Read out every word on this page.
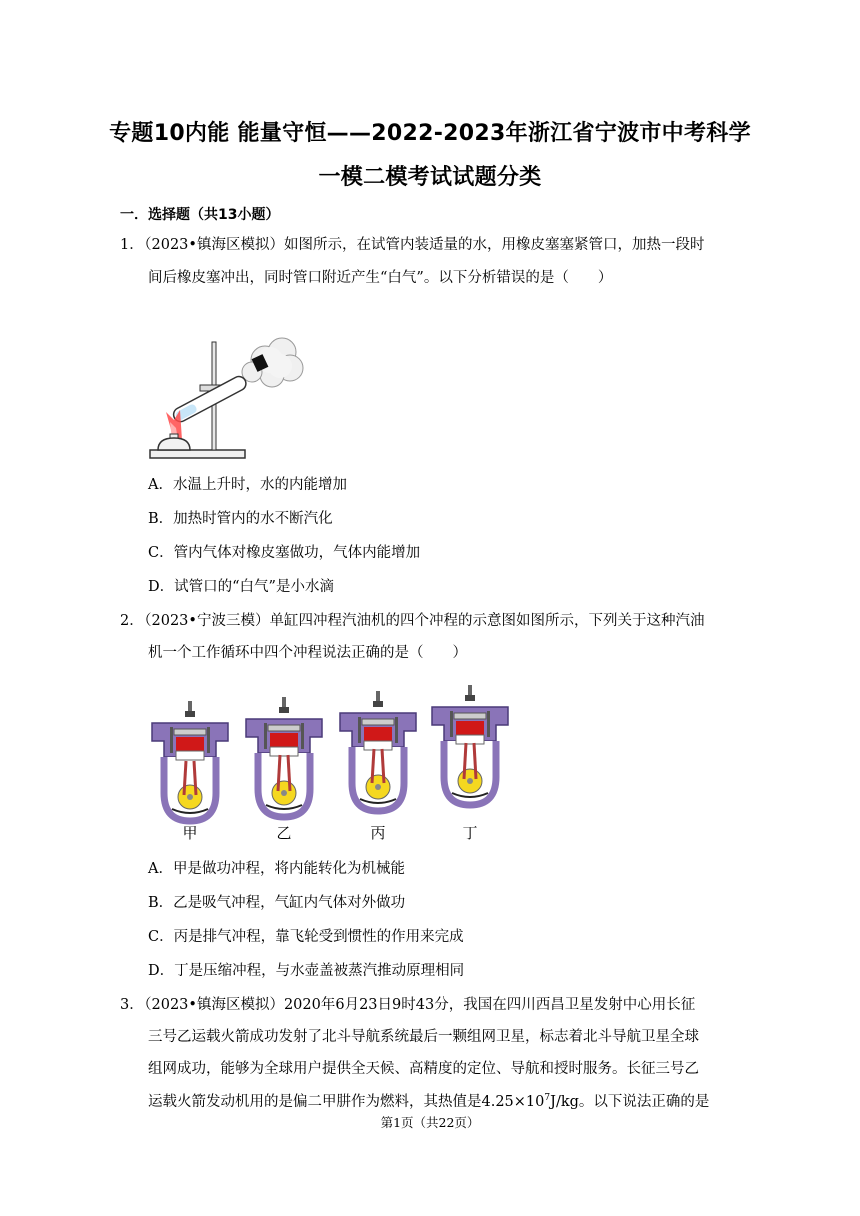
专题10内能 能量守恒——2022-2023年浙江省宁波市中考科学
一模二模考试试题分类
一．选择题（共13小题）
1．
（2023•镇海区模拟）如图所示，在试管内装适量的水，用橡皮塞塞紧管口，加热一段时
间后橡皮塞冲出，同时管口附近产生“白气”。以下分析错误的是（　　）
A．水温上升时，水的内能增加
B．加热时管内的水不断汽化
C．管内气体对橡皮塞做功，气体内能增加
D．试管口的“白气”是小水滴
2．
（2023•宁波三模）单缸四冲程汽油机的四个冲程的示意图如图所示，下列关于这种汽油
机一个工作循环中四个冲程说法正确的是（　　）
甲	乙	丙	丁
A．甲是做功冲程，将内能转化为机械能
B．乙是吸气冲程，气缸内气体对外做功
C．丙是排气冲程，靠飞轮受到惯性的作用来完成
D．丁是压缩冲程，与水壶盖被蒸汽推动原理相同
3．
（2023•镇海区模拟）2020年6月23日9时43分，我国在四川西昌卫星发射中心用长征
三号乙运载火箭成功发射了北斗导航系统最后一颗组网卫星，标志着北斗导航卫星全球
组网成功，能够为全球用户提供全天候、高精度的定位、导航和授时服务。长征三号乙
运载火箭发动机用的是偏二甲肼作为燃料，其热值是$4.25\times 10^7J/kg$。以下说法正确的是
第1页（共22页）
